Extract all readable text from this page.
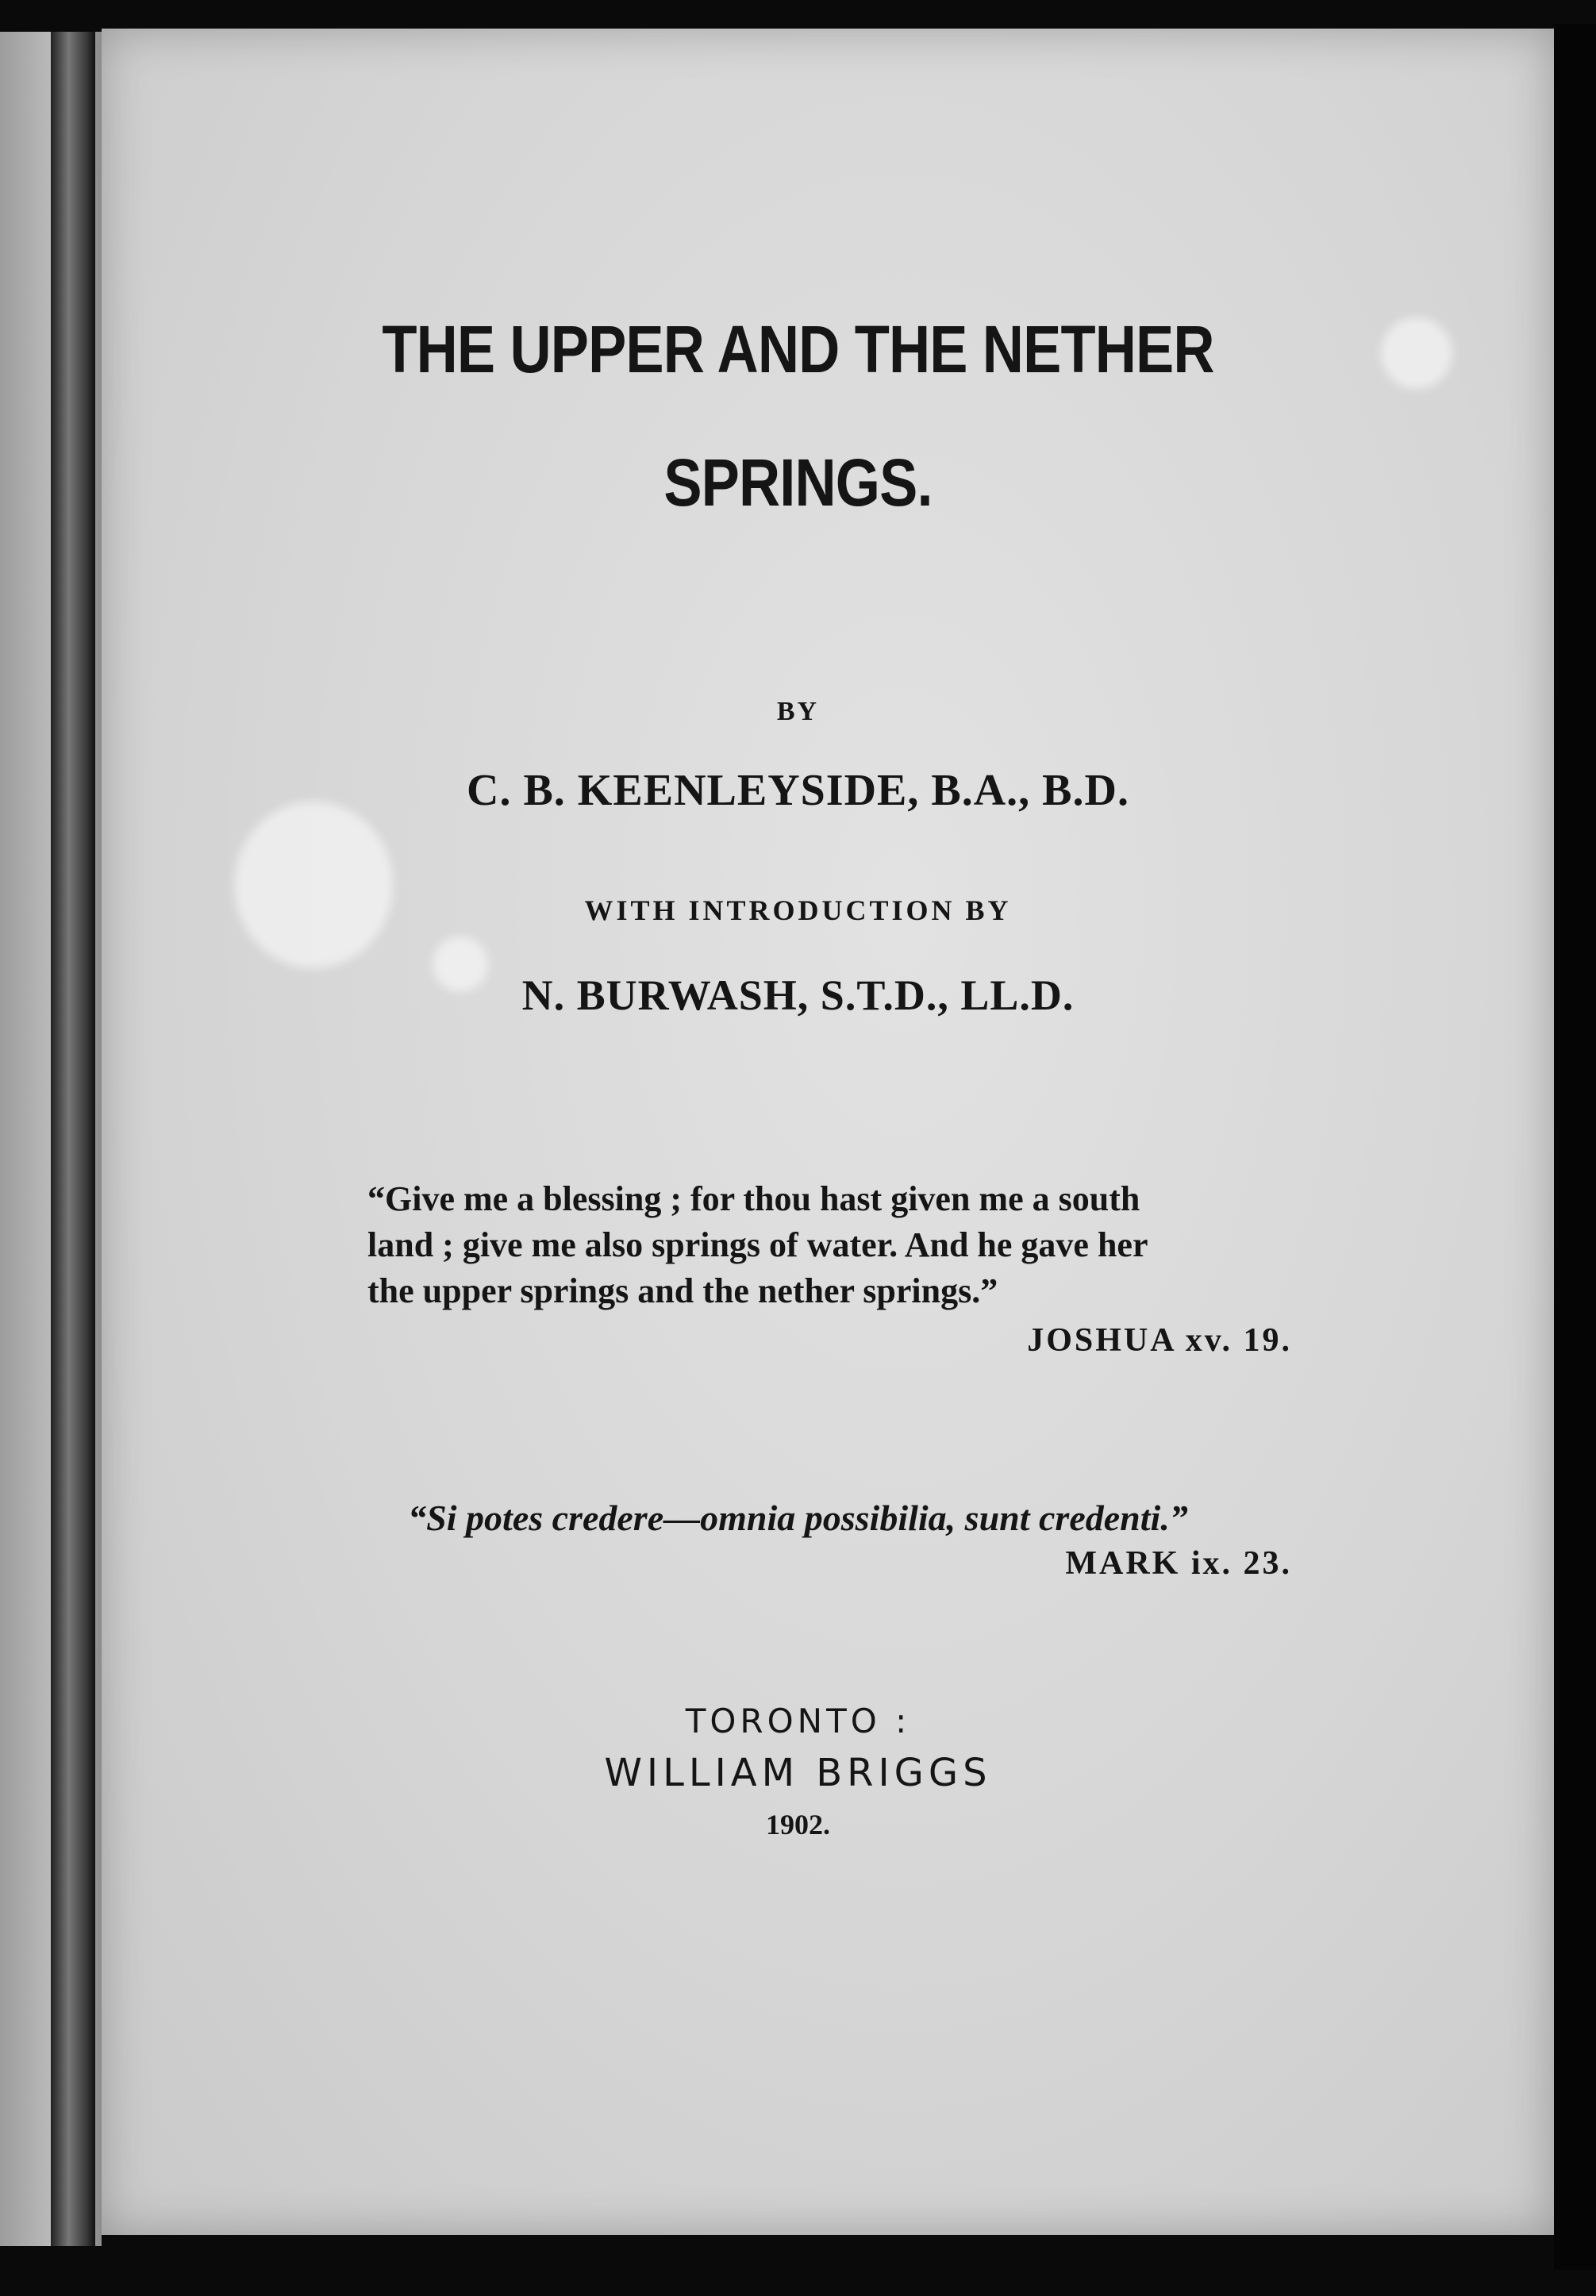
THE UPPER AND THE NETHER
SPRINGS.
BY
C. B. KEENLEYSIDE, B.A., B.D.
WITH INTRODUCTION BY
N. BURWASH, S.T.D., LL.D.

“Give me a blessing ; for thou hast given me a south

land ; give me also springs of water. And he gave her

the upper springs and the nether springs.”

JOSHUA xv. 19.
“Si potes credere—omnia possibilia, sunt credenti.”
MARK ix. 23.
TORONTO :
WILLIAM BRIGGS
1902.
